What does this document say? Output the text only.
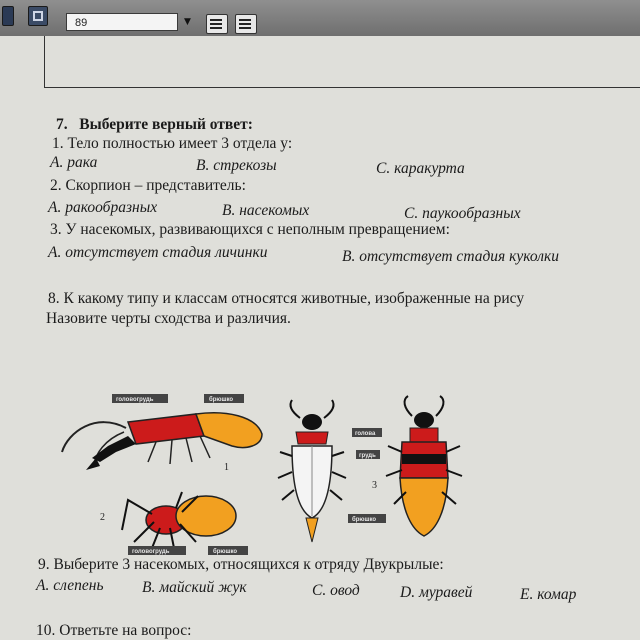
89	▼
7. Выберите верный ответ:
1. Тело полностью имеет 3 отдела у:
А. рака	В. стрекозы	С. каракурта
2. Скорпион – представитель:
А. ракообразных	В. насекомых	С. паукообразных
3. У насекомых, развивающихся с неполным превращением:
А. отсутствует стадия личинки	В. отсутствует стадия куколки
8. К какому типу и классам относятся животные, изображенные на рису
Назовите черты сходства и различия.
головогрудь	брюшко
1
2
головогрудь	брюшко
голова
грудь
3
брюшко
9. Выберите 3 насекомых, относящихся к отряду Двукрылые:
А. слепень В. майский жук	С. овод	D. муравей	Е. комар
10. Ответьте на вопрос:
